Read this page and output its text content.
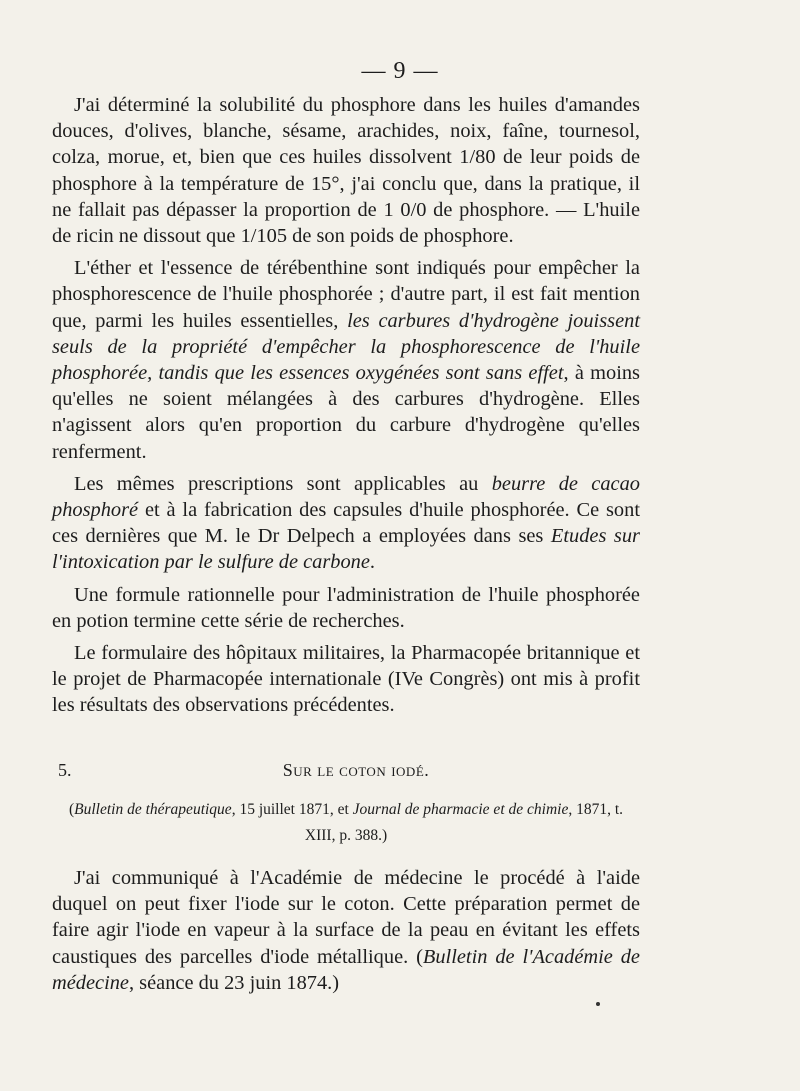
— 9 —

J'ai déterminé la solubilité du phosphore dans les huiles d'amandes douces, d'olives, blanche, sésame, arachides, noix, faîne, tournesol, colza, morue, et, bien que ces huiles dissolvent 1/80 de leur poids de phosphore à la température de 15°, j'ai conclu que, dans la pratique, il ne fallait pas dépasser la proportion de 1 0/0 de phosphore. — L'huile de ricin ne dissout que 1/105 de son poids de phosphore.

L'éther et l'essence de térébenthine sont indiqués pour empêcher la phosphorescence de l'huile phosphorée ; d'autre part, il est fait mention que, parmi les huiles essentielles, les carbures d'hydrogène jouissent seuls de la propriété d'empêcher la phosphorescence de l'huile phosphorée, tandis que les essences oxygénées sont sans effet, à moins qu'elles ne soient mélangées à des carbures d'hydrogène. Elles n'agissent alors qu'en proportion du carbure d'hydrogène qu'elles renferment.

Les mêmes prescriptions sont applicables au beurre de cacao phosphoré et à la fabrication des capsules d'huile phosphorée. Ce sont ces dernières que M. le Dr Delpech a employées dans ses Etudes sur l'intoxication par le sulfure de carbone.

Une formule rationnelle pour l'administration de l'huile phosphorée en potion termine cette série de recherches.

Le formulaire des hôpitaux militaires, la Pharmacopée britannique et le projet de Pharmacopée internationale (IVe Congrès) ont mis à profit les résultats des observations précédentes.

5.	Sur le coton iodé.
(Bulletin de thérapeutique, 15 juillet 1871, et Journal de pharmacie et de chimie, 1871, t. XIII, p. 388.)

J'ai communiqué à l'Académie de médecine le procédé à l'aide duquel on peut fixer l'iode sur le coton. Cette préparation permet de faire agir l'iode en vapeur à la surface de la peau en évitant les effets caustiques des parcelles d'iode métallique. (Bulletin de l'Académie de médecine, séance du 23 juin 1874.)
